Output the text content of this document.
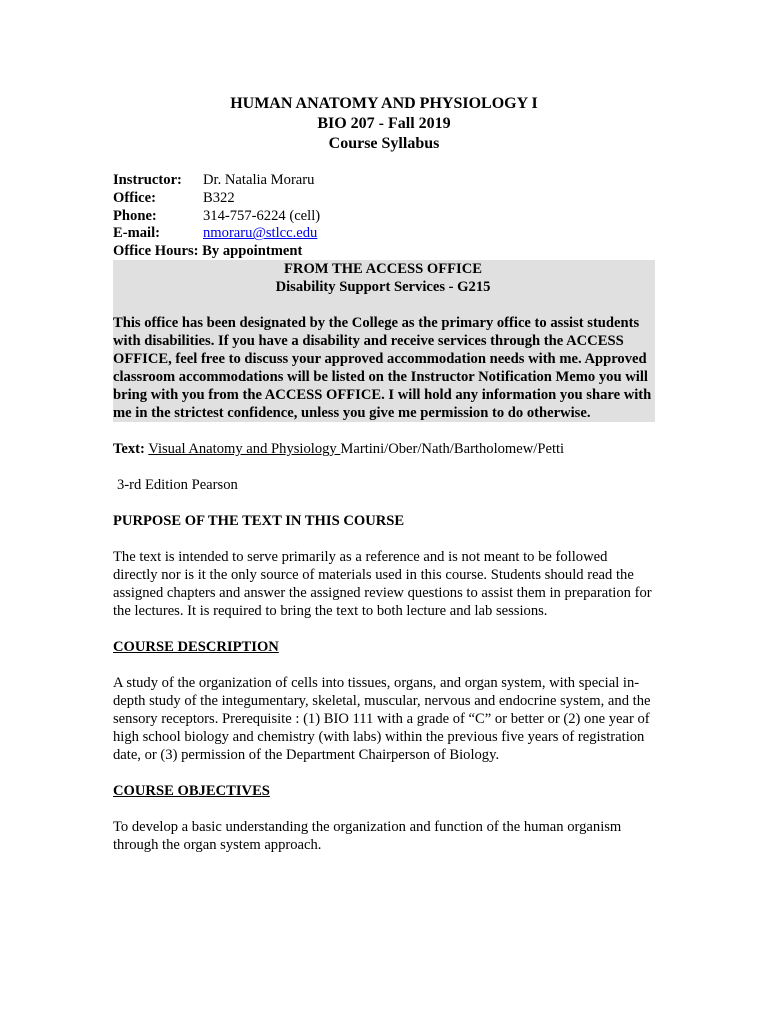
HUMAN ANATOMY AND PHYSIOLOGY I
BIO 207 - Fall 2019
Course Syllabus
Instructor:	Dr. Natalia Moraru
Office:	B322
Phone:	314-757-6224 (cell)
E-mail:	nmoraru@stlcc.edu
Office Hours: By appointment
FROM THE ACCESS OFFICE
Disability Support Services - G215

This office has been designated by the College as the primary office to assist students with disabilities. If you have a disability and receive services through the ACCESS OFFICE, feel free to discuss your approved accommodation needs with me. Approved classroom accommodations will be listed on the Instructor Notification Memo you will bring with you from the ACCESS OFFICE. I will hold any information you share with me in the strictest confidence, unless you give me permission to do otherwise.

Text: Visual Anatomy and Physiology Martini/Ober/Nath/Bartholomew/Petti
3-rd Edition Pearson
PURPOSE OF THE TEXT IN THIS COURSE
The text is intended to serve primarily as a reference and is not meant to be followed directly nor is it the only source of materials used in this course. Students should read the assigned chapters and answer the assigned review questions to assist them in preparation for the lectures. It is required to bring the text to both lecture and lab sessions.
COURSE DESCRIPTION
A study of the organization of cells into tissues, organs, and organ system, with special in-depth study of the integumentary, skeletal, muscular, nervous and endocrine system, and the sensory receptors. Prerequisite : (1) BIO 111 with a grade of “C” or better or (2) one year of high school biology and chemistry (with labs) within the previous five years of registration date, or (3) permission of the Department Chairperson of Biology.
COURSE OBJECTIVES
To develop a basic understanding the organization and function of the human organism through the organ system approach.
